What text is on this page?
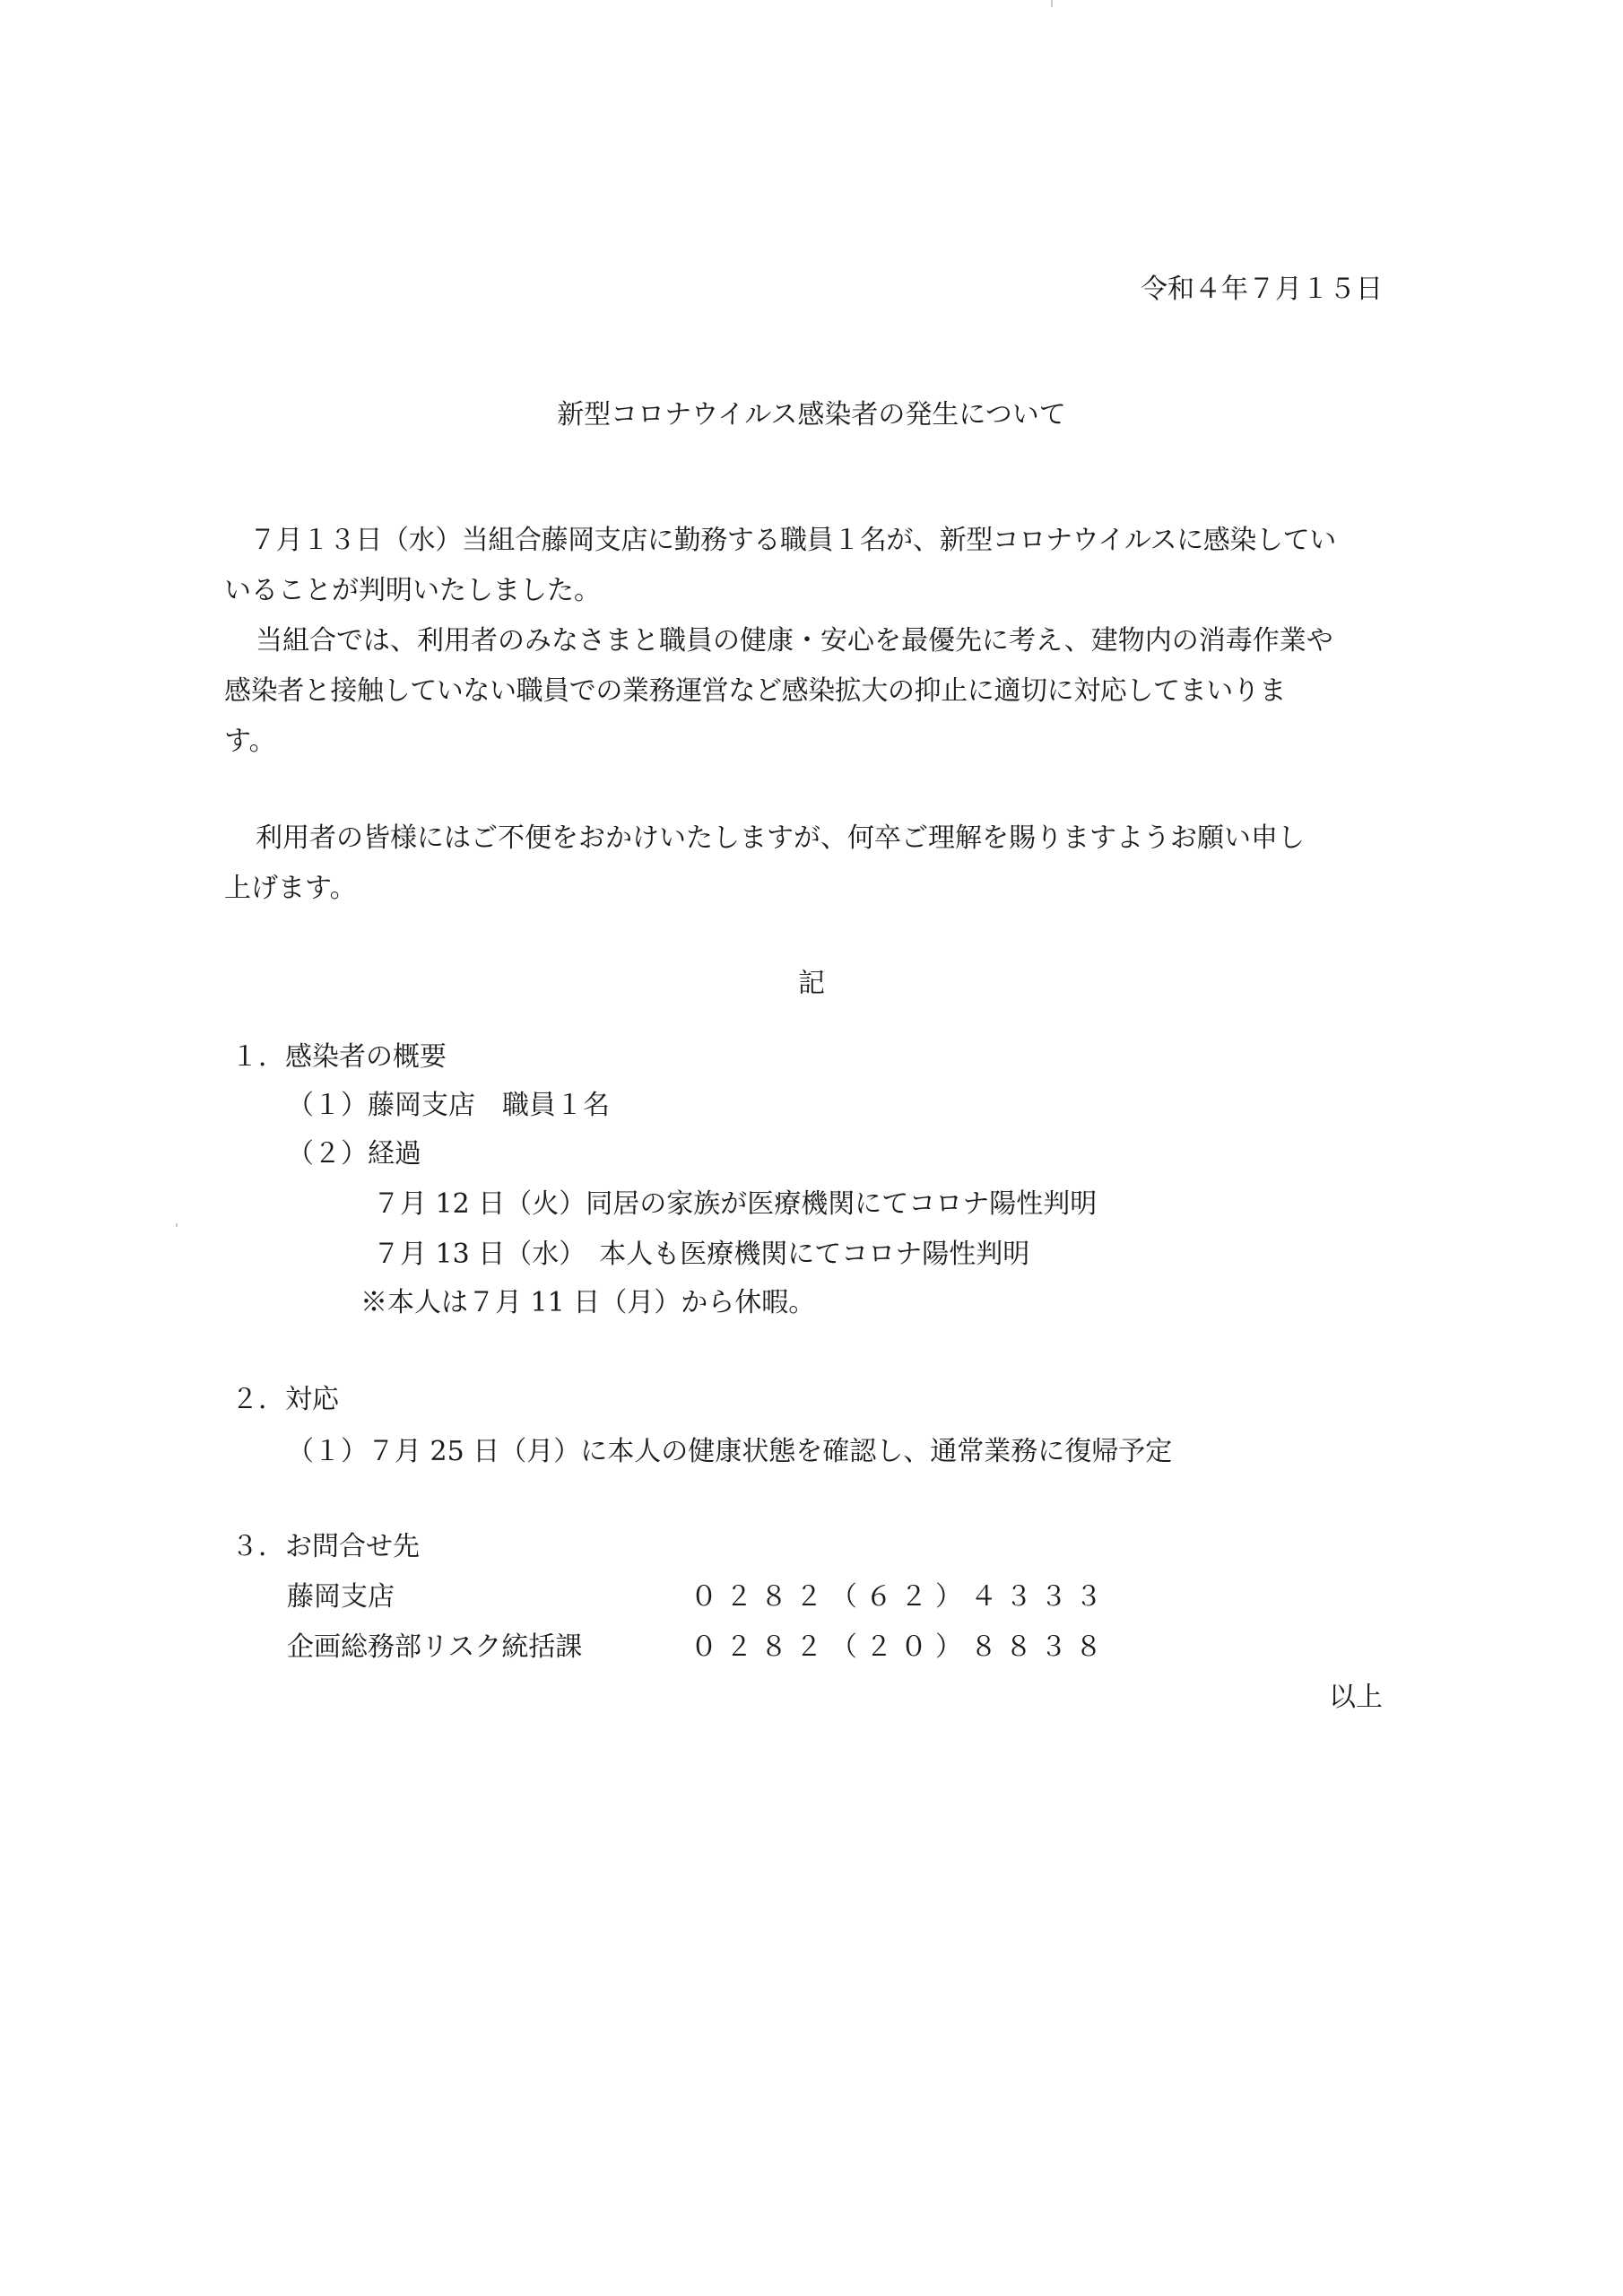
令和４年７月１５日
新型コロナウイルス感染者の発生について
７月１３日（水）当組合藤岡支店に勤務する職員１名が、新型コロナウイルスに感染してい
いることが判明いたしました。
当組合では、利用者のみなさまと職員の健康・安心を最優先に考え、建物内の消毒作業や
感染者と接触していない職員での業務運営など感染拡大の抑止に適切に対応してまいりま
す。
利用者の皆様にはご不便をおかけいたしますが、何卒ご理解を賜りますようお願い申し
上げます。
記
１．感染者の概要
（１）藤岡支店　職員１名
（２）経過
７月 12 日（火）同居の家族が医療機関にてコロナ陽性判明
７月 13 日（水）　本人も医療機関にてコロナ陽性判明
※本人は７月 11 日（月）から休暇。
２．対応
（１）７月 25 日（月）に本人の健康状態を確認し、通常業務に復帰予定
３．お問合せ先
藤岡支店	０２８２（６２）４３３３
企画総務部リスク統括課	０２８２（２０）８８３８
以上
